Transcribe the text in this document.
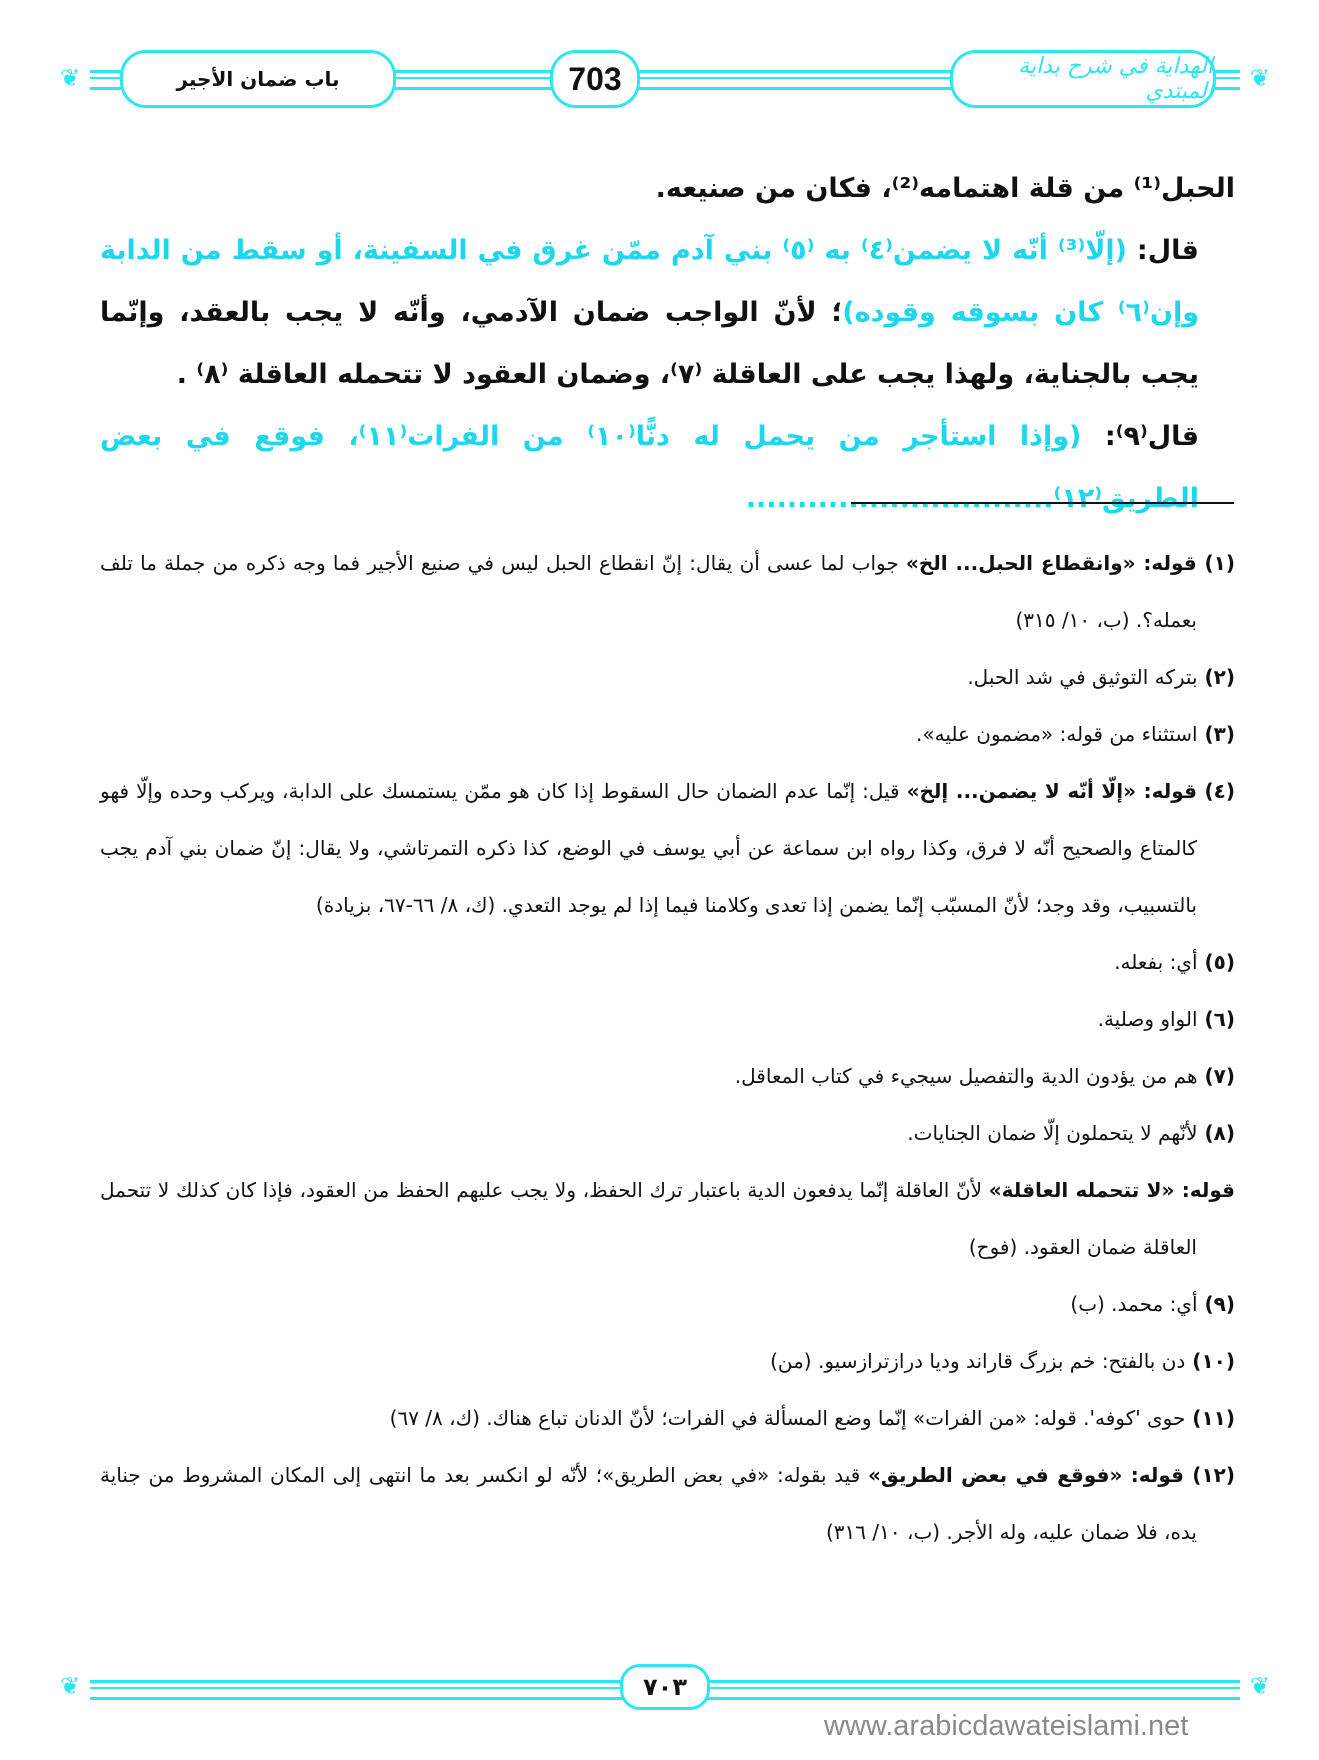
❦	❦
باب ضمان الأجير	703	الهداية في شرح بداية المبتدي

الحبل⁽¹⁾ من قلة اهتمامه⁽²⁾، فكان من صنيعه.

قال: (إلّا⁽³⁾ أنّه لا يضمن⁽٤⁾ به ⁽٥⁾ بني آدم ممّن غرق في السفينة، أو سقط من الدابة وإن⁽٦⁾ كان بسوقه وقوده)؛ لأنّ الواجب ضمان الآدمي، وأنّه لا يجب بالعقد، وإنّما يجب بالجناية، ولهذا يجب على العاقلة ⁽٧⁾، وضمان العقود لا تتحمله العاقلة ⁽٨⁾ .

قال⁽٩⁾: (وإذا استأجر من يحمل له دنًّا⁽١٠⁾ من الفرات⁽١١⁾، فوقع في بعض الطريق⁽١٢⁾..............................

(١) قوله: «وانقطاع الحبل... الخ» جواب لما عسى أن يقال: إنّ انقطاع الحبل ليس في صنيع الأجير فما وجه ذكره من جملة ما تلف بعمله؟. (ب، ١٠/ ٣١٥)

(٢) بتركه التوثيق في شد الحبل.

(٣) استثناء من قوله: «مضمون عليه».

(٤) قوله: «إلّا أنّه لا يضمن... إلخ» قيل: إنّما عدم الضمان حال السقوط إذا كان هو ممّن يستمسك على الدابة، ويركب وحده وإلّا فهو كالمتاع والصحيح أنّه لا فرق، وكذا رواه ابن سماعة عن أبي يوسف في الوضع، كذا ذكره التمرتاشي، ولا يقال: إنّ ضمان بني آدم يجب بالتسبيب، وقد وجد؛ لأنّ المسبّب إنّما يضمن إذا تعدى وكلامنا فيما إذا لم يوجد التعدي. (ك، ٨/ ٦٦-٦٧، بزيادة)

(٥) أي: بفعله.

(٦) الواو وصلية.

(٧) هم من يؤدون الدية والتفصيل سيجيء في كتاب المعاقل.

(٨) لأنّهم لا يتحملون إلّا ضمان الجنايات.

قوله: «لا تتحمله العاقلة» لأنّ العاقلة إنّما يدفعون الدية باعتبار ترك الحفظ، ولا يجب عليهم الحفظ من العقود، فإذا كان كذلك لا تتحمل العاقلة ضمان العقود. (فوح)

(٩) أي: محمد. (ب)

(١٠) دن بالفتح: خم بزرگ قاراند وديا درازترازسيو. (من)

(١١) حوى 'كوفه'. قوله: «من الفرات» إنّما وضع المسألة في الفرات؛ لأنّ الدنان تباع هناك. (ك، ٨/ ٦٧)

(١٢) قوله: «فوقع في بعض الطريق» قيد بقوله: «في بعض الطريق»؛ لأنّه لو انكسر بعد ما انتهى إلى المكان المشروط من جناية يده، فلا ضمان عليه، وله الأجر. (ب، ١٠/ ٣١٦)

❦	❦
٧٠٣
www.arabicdawateislami.net
